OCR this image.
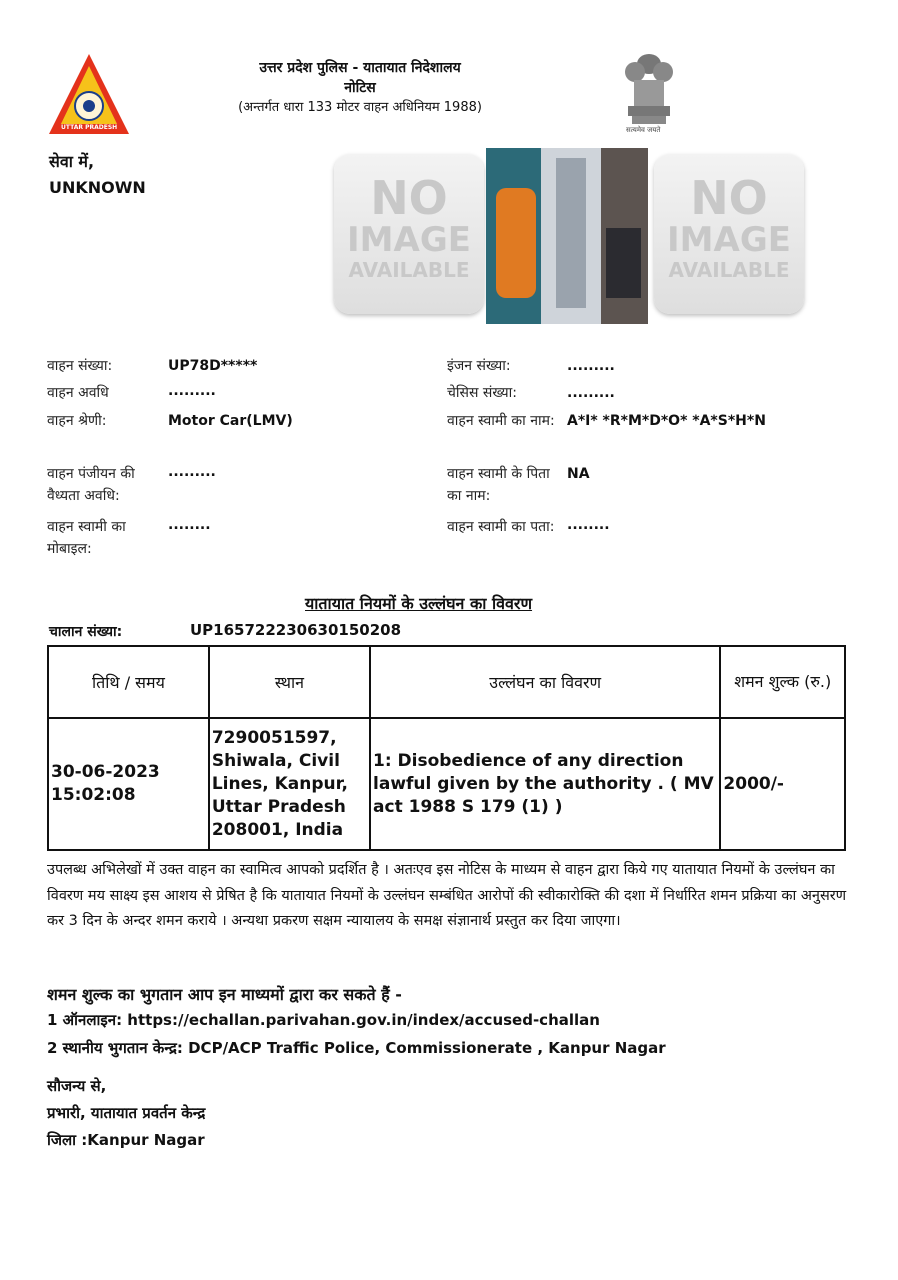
UTTAR PRADESH
उत्तर प्रदेश पुलिस - यातायात निदेशालय
नोटिस
(अन्तर्गत धारा 133 मोटर वाहन अधिनियम 1988)
सत्यमेव जयते
सेवा में,
UNKNOWN	NO
IMAGE
AVAILABLE
NO
IMAGE
AVAILABLE
वाहन संख्या:	UP78D*****
वाहन अवधि	.........
वाहन श्रेणी:	Motor Car(LMV)
वाहन पंजीयन की वैध्यता अवधि:
.........
वाहन स्वामी का मोबाइल:
........
इंजन संख्या:	.........
चेसिस संख्या:	.........
वाहन स्वामी का नाम: A*I* *R*M*D*O* *A*S*H*N
वाहन स्वामी के पिता का नाम:
NA
वाहन स्वामी का पता: ........
यातायात नियमों के उल्लंघन का विवरण
चालान संख्या:	UP165722230630150208
तिथि / समय	स्थान	उल्लंघन का विवरण	शमन शुल्क (रु.)
30-06-2023 15:02:08	7290051597, Shiwala, Civil Lines, Kanpur, Uttar Pradesh 208001, India	1: Disobedience of any direction lawful given by the authority . ( MV act 1988 S 179 (1) )	2000/-
उपलब्ध अभिलेखों में उक्त वाहन का स्वामित्व आपको प्रदर्शित है । अतःएव इस नोटिस के माध्यम से वाहन द्वारा किये गए यातायात नियमों के उल्लंघन का विवरण मय साक्ष्य इस आशय से प्रेषित है कि यातायात नियमों के उल्लंघन सम्बंधित आरोपों की स्वीकारोक्ति की दशा में निर्धारित शमन प्रक्रिया का अनुसरण कर 3 दिन के अन्दर शमन कराये । अन्यथा प्रकरण सक्षम न्यायालय के समक्ष संज्ञानार्थ प्रस्तुत कर दिया जाएगा।
शमन शुल्क का भुगतान आप इन माध्यमों द्वारा कर सकते हैं -
1 ऑनलाइन: https://echallan.parivahan.gov.in/index/accused-challan
2 स्थानीय भुगतान केन्द्र: DCP/ACP Traffic Police, Commissionerate , Kanpur Nagar
सौजन्य से,
प्रभारी, यातायात प्रवर्तन केन्द्र
जिला :Kanpur Nagar
